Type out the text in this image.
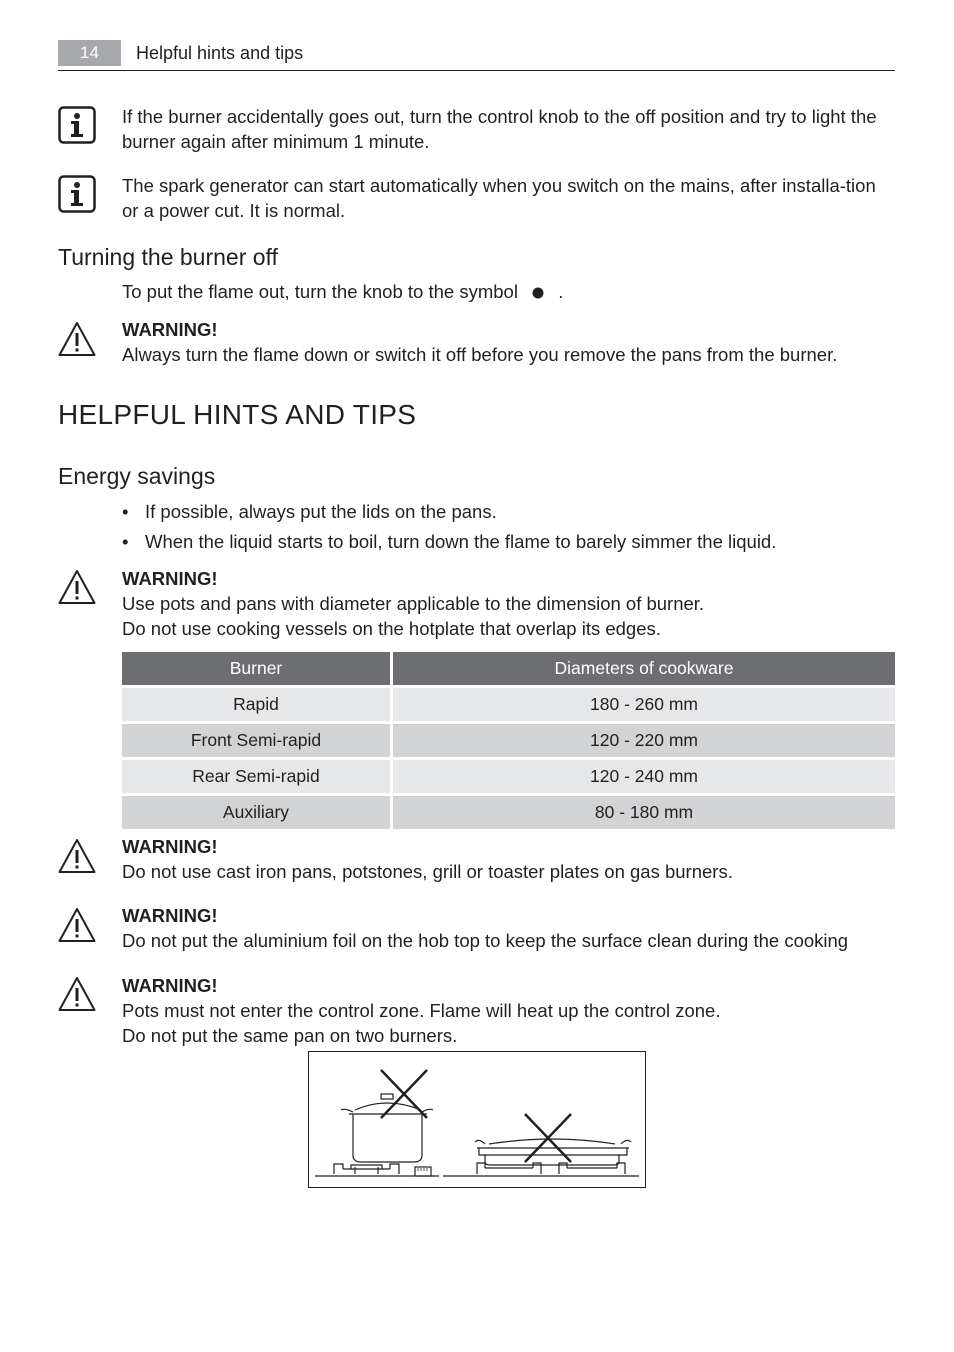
14	Helpful hints and tips

If the burner accidentally goes out, turn the control knob to the off position and try to light the burner again after minimum 1 minute.

The spark generator can start automatically when you switch on the mains, after installa-tion or a power cut. It is normal.

Turning the burner off
To put the flame out, turn the knob to the symbol .

WARNING!

Always turn the flame down or switch it off before you remove the pans from the burner.

HELPFUL HINTS AND TIPS
Energy savings
• If possible, always put the lids on the pans.
• When the liquid starts to boil, turn down the flame to barely simmer the liquid.

WARNING!

Use pots and pans with diameter applicable to the dimension of burner.

Do not use cooking vessels on the hotplate that overlap its edges.

Burner	Diameters of cookware
Rapid	180 - 260 mm
Front Semi-rapid	120 - 220 mm
Rear Semi-rapid	120 - 240 mm
Auxiliary	80 - 180 mm

WARNING!

Do not use cast iron pans, potstones, grill or toaster plates on gas burners.

WARNING!

Do not put the aluminium foil on the hob top to keep the surface clean during the cooking

WARNING!

Pots must not enter the control zone. Flame will heat up the control zone.

Do not put the same pan on two burners.
